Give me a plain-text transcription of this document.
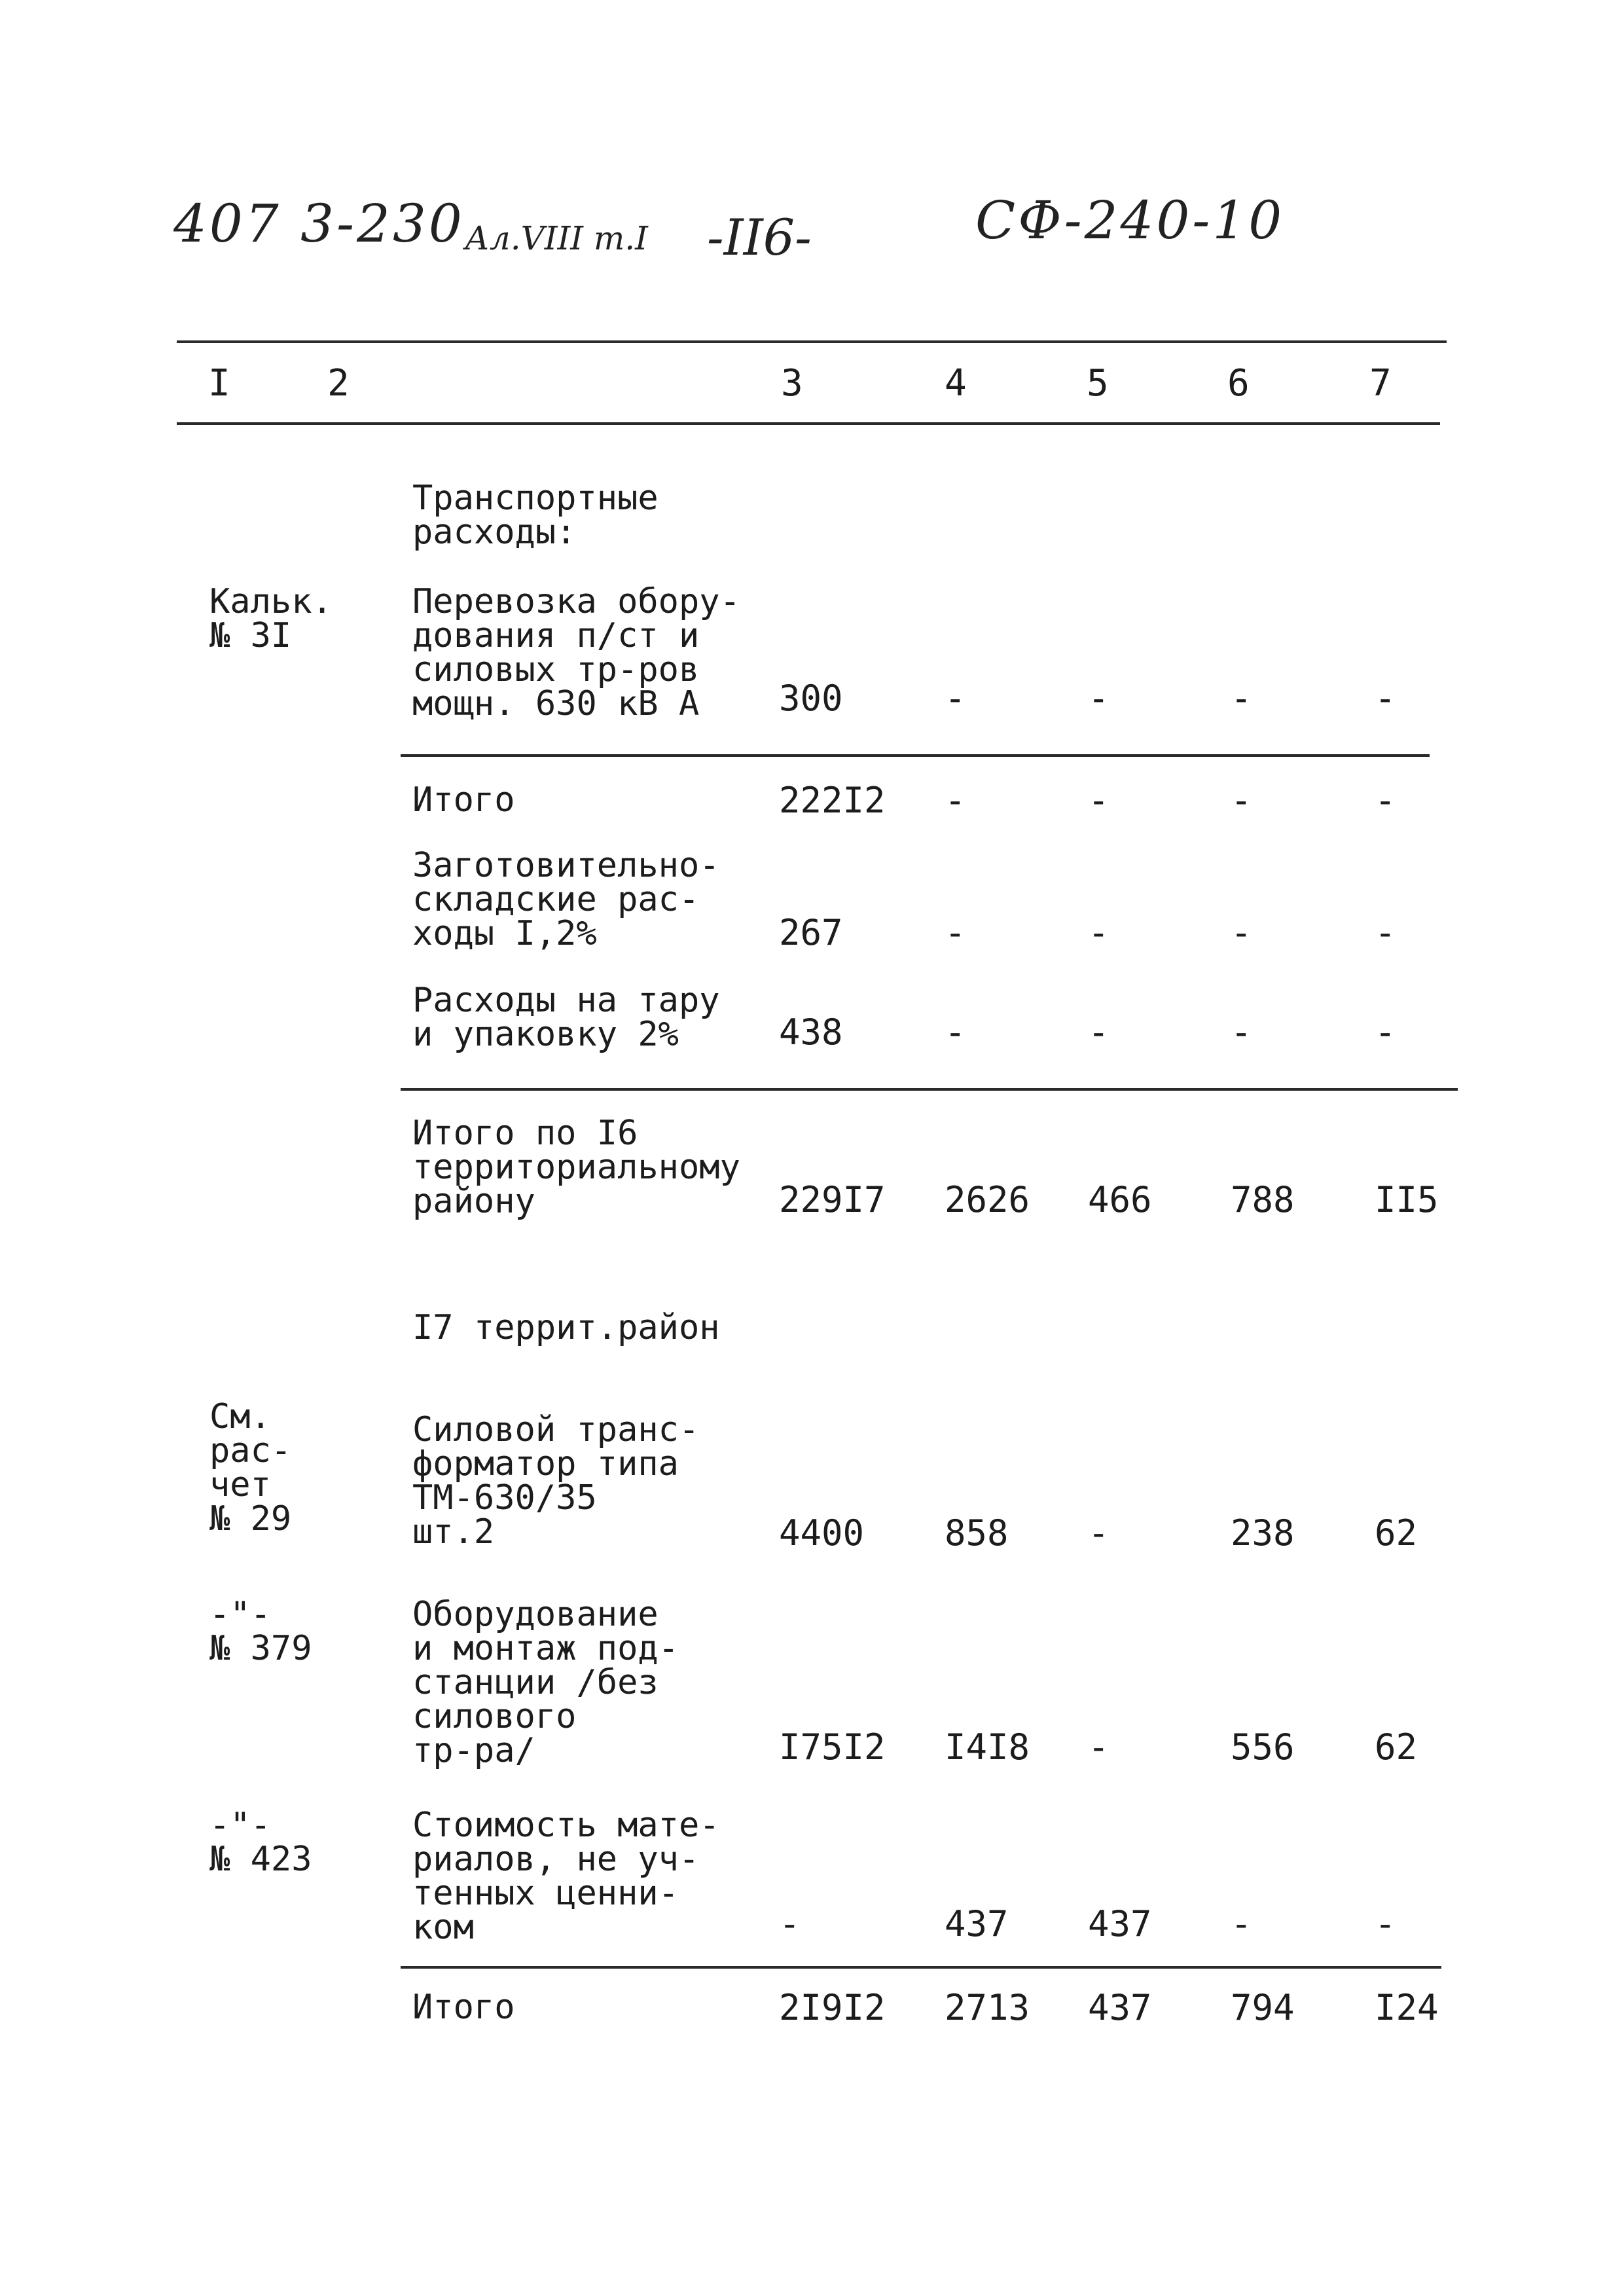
407 3-230 Ал.VIII т.I -II6-	СФ-240-10
I	2	3	4	5	6	7
Транспортные
расходы:
Кальк.
№ 3I
Перевозка обору-
дования п/ст и
силовых тр-ров
мощн. 630 кВ А	300	-	-	-	-
Итого	222I2 -	-	-	-
Заготовительно-
складские рас-
ходы I,2%	267	-	-	-	-
Расходы на тару
и упаковку 2%	438	-	-	-	-
Итого по I6
территориальному
району	229I7 2626 466 788 II5
I7 террит.район
См.
рас-
чет
№ 29
Силовой транс-
форматор типа
ТМ-630/35
шт.2	4400 858 -	238 62
-"-
№ 379
Оборудование
и монтаж под-
станции /без
силового
тр-ра/	I75I2 I4I8 -	556 62
-"-
№ 423
Стоимость мате-
риалов, не уч-
тенных ценни-
ком	-	437 437 -	-
Итого	2I9I2 2713 437 794 I24
